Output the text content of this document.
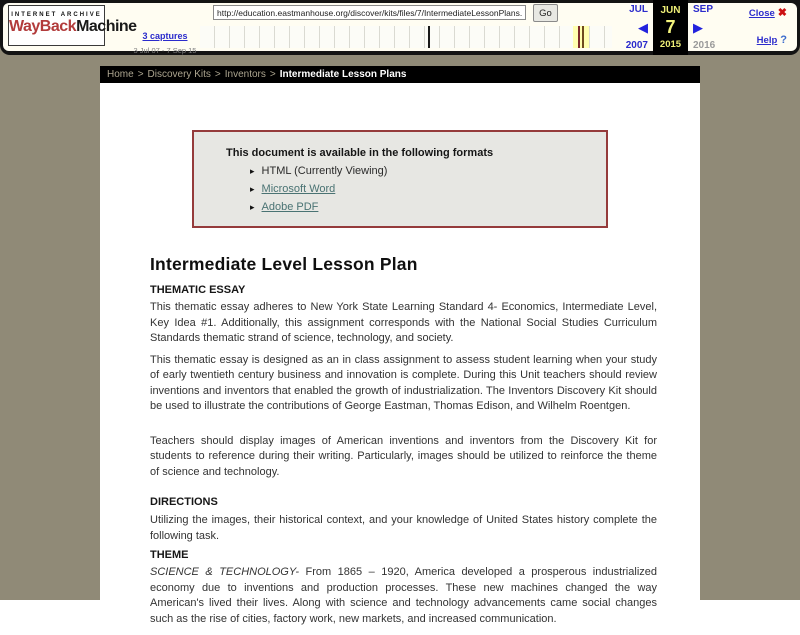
INTERNET ARCHIVE
WayBackMachine
3 captures
3 Jul 07 - 7 Sep 15
http://education.eastmanhouse.org/discover/kits/files/7/IntermediateLessonPlans.p
Go	JUL
◀
2007
JUN
7
2015
SEP
▶
2016
Close ✖
Help ?
Home > Discovery Kits > Inventors > Intermediate Lesson Plans
This document is available in the following formats
▸ HTML (Currently Viewing)
▸ Microsoft Word
▸ Adobe PDF
Intermediate Level Lesson Plan
THEMATIC ESSAY

This thematic essay adheres to New York State Learning Standard 4- Economics, Intermediate Level, Key Idea #1. Additionally, this assignment corresponds with the National Social Studies Curriculum Standards thematic strand of science, technology, and society.

This thematic essay is designed as an in class assignment to assess student learning when your study of early twentieth century business and innovation is complete. During this Unit teachers should review inventions and inventors that enabled the growth of industrialization. The Inventors Discovery Kit should be used to illustrate the contributions of George Eastman, Thomas Edison, and Wilhelm Roentgen.

Teachers should display images of American inventions and inventors from the Discovery Kit for students to reference during their writing. Particularly, images should be utilized to reinforce the theme of science and technology.

DIRECTIONS

Utilizing the images, their historical context, and your knowledge of United States history complete the following task.

THEME

SCIENCE & TECHNOLOGY- From 1865 – 1920, America developed a prosperous industrialized economy due to inventions and production processes. These new machines changed the way American's lived their lives. Along with science and technology advancements came social changes such as the rise of cities, factory work, new markets, and increased communication.
